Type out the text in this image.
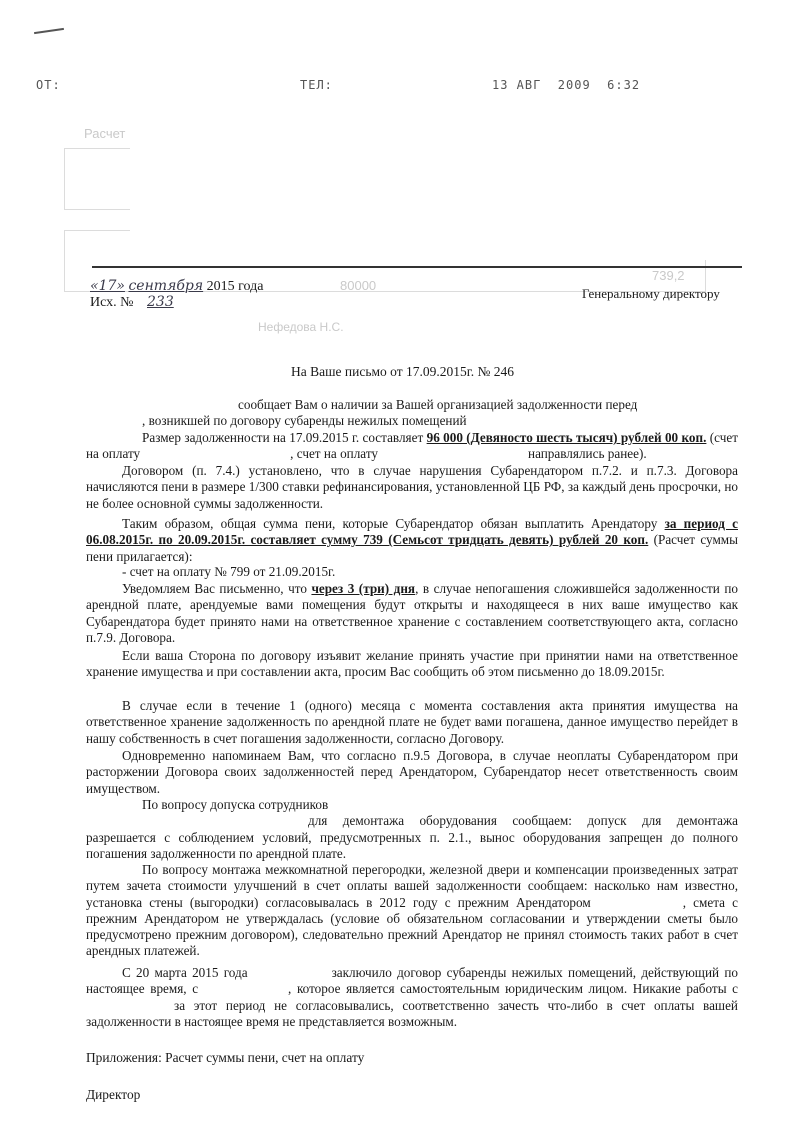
ОТ:	ТЕЛ:	13 АВГ  2009  6:32
Расчет
80000
739,2
Нефедова Н.С.
«17» сентября 2015 года
Исх. № 233
Генеральному директору
На Ваше письмо от 17.09.2015г. № 246
сообщает Вам о наличии за Вашей организацией задолженности перед
, возникшей по договору субаренды нежилых помещений
Размер задолженности на 17.09.2015 г. составляет 96 000 (Девяносто шесть тысяч) рублей 00 коп. (счет на оплату	, счет на оплату	направлялись ранее).
Договором (п. 7.4.) установлено, что в случае нарушения Субарендатором п.7.2. и п.7.3. Договора начисляются пени в размере 1/300 ставки рефинансирования, установленной ЦБ РФ, за каждый день просрочки, но не более основной суммы задолженности.
Таким образом, общая сумма пени, которые Субарендатор обязан выплатить Арендатору за период с 06.08.2015г. по 20.09.2015г. составляет сумму 739 (Семьсот тридцать девять) рублей 20 коп. (Расчет суммы пени прилагается):
- счет на оплату № 799 от 21.09.2015г.
Уведомляем Вас письменно, что через 3 (три) дня, в случае непогашения сложившейся задолженности по арендной плате, арендуемые вами помещения будут открыты и находящееся в них ваше имущество как Субарендатора будет принято нами на ответственное хранение с составлением соответствующего акта, согласно п.7.9. Договора.
Если ваша Сторона по договору изъявит желание принять участие при принятии нами на ответственное хранение имущества и при составлении акта, просим Вас сообщить об этом письменно до 18.09.2015г.
В случае если в течение 1 (одного) месяца с момента составления акта принятия имущества на ответственное хранение задолженность по арендной плате не будет вами погашена, данное имущество перейдет в нашу собственность в счет погашения задолженности, согласно Договору.
Одновременно напоминаем Вам, что согласно п.9.5 Договора, в случае неоплаты Субарендатором при расторжении Договора своих задолженностей перед Арендатором, Субарендатор несет ответственность своим имуществом.
По вопросу допуска сотрудников
для демонтажа оборудования сообщаем: допуск для демонтажа разрешается с соблюдением условий, предусмотренных п. 2.1., вынос оборудования запрещен до полного погашения задолженности по арендной плате.
По вопросу монтажа межкомнатной перегородки, железной двери и компенсации произведенных затрат путем зачета стоимости улучшений в счет оплаты вашей задолженности сообщаем: насколько нам известно, установка стены (выгородки) согласовывалась в 2012 году с прежним Арендатором	, смета с прежним Арендатором не утверждалась (условие об обязательном согласовании и утверждении сметы было предусмотрено прежним договором), следовательно прежний Арендатор не принял стоимость таких работ в счет арендных платежей.
С 20 марта 2015 года	заключило договор субаренды нежилых помещений, действующий по настоящее время, с	, которое является самостоятельным юридическим лицом. Никакие работы сза этот период не согласовывались, соответственно зачесть что-либо в счет оплаты вашей задолженности в настоящее время не представляется возможным.
Приложения: Расчет суммы пени, счет на оплату
Директор
